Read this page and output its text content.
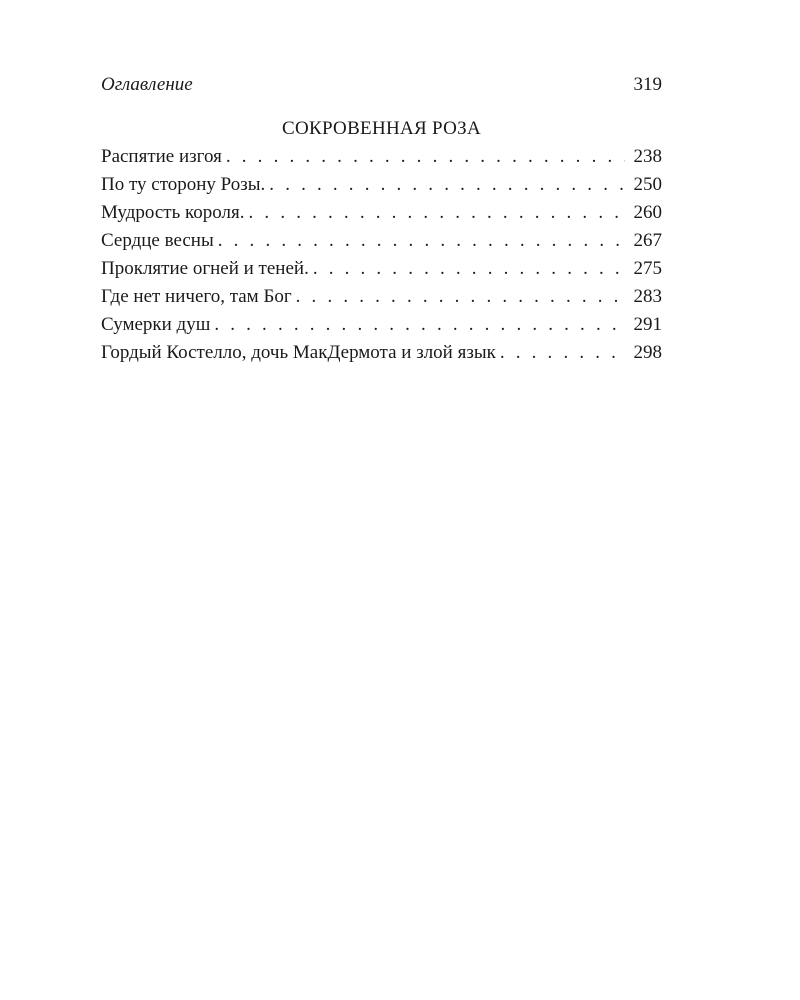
Оглавление	319
СОКРОВЕННАЯ РОЗА
Распятие изгоя . . .	238
По ту сторону Розы. . . .	250
Мудрость короля. . . .	260
Сердце весны . . .	267
Проклятие огней и теней. . . .	275
Где нет ничего, там Бог . . .	283
Сумерки душ . . .	291
Гордый Костелло, дочь МакДермота и злой язык . . .	298
